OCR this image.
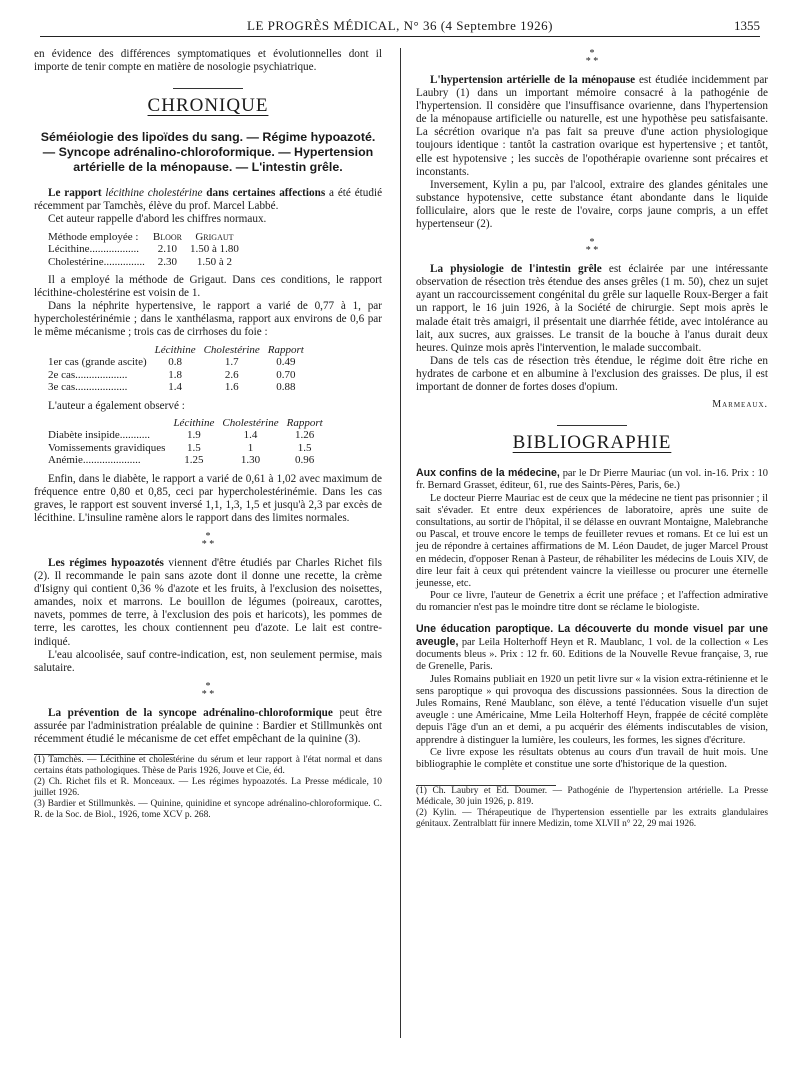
LE PROGRÈS MÉDICAL, N° 36 (4 Septembre 1926)	1355

en évidence des différences symptomatiques et évolutionnelles dont il importe de tenir compte en matière de nosologie psychiatrique.

CHRONIQUE
Séméiologie des lipoïdes du sang. — Régime hypoazoté. — Syncope adrénalino-chloroformique. — Hypertension artérielle de la ménopause. — L'intestin grêle.

Le rapport lécithine cholestérine dans certaines affections a été étudié récemment par Tamchès, élève du prof. Marcel Labbé.

Cet auteur rappelle d'abord les chiffres normaux.

Méthode employée :	Bloor	Grigaut
Lécithine..................	2.10	1.50 à 1.80
Cholestérine...............	2.30	1.50 à 2

Il a employé la méthode de Grigaut. Dans ces conditions, le rapport lécithine-cholestérine est voisin de 1.

Dans la néphrite hypertensive, le rapport a varié de 0,77 à 1, par hypercholestérinémie ; dans le xanthélasma, rapport aux environs de 0,6 par le même mécanisme ; trois cas de cirrhoses du foie :

	Lécithine	Cholestérine	Rapport
1er cas (grande ascite)	0.8	1.7	0.49
2e cas...................	1.8	2.6	0.70
3e cas...................	1.4	1.6	0.88

L'auteur a également observé :

	Lécithine	Cholestérine	Rapport
Diabète insipide...........	1.9	1.4	1.26
Vomissements gravidiques	1.5	1	1.5
Anémie.....................	1.25	1.30	0.96

Enfin, dans le diabète, le rapport a varié de 0,61 à 1,02 avec maximum de fréquence entre 0,80 et 0,85, ceci par hypercholestérinémie. Dans les cas graves, le rapport est souvent inversé 1,1, 1,3, 1,5 et jusqu'à 2,3 par excès de lécithine. L'insuline ramène alors le rapport dans des limites normales.

*
* *

Les régimes hypoazotés viennent d'être étudiés par Charles Richet fils (2). Il recommande le pain sans azote dont il donne une recette, la crème d'Isigny qui contient 0,36 % d'azote et les fruits, à l'exclusion des noisettes, amandes, noix et marrons. Le bouillon de légumes (poireaux, carottes, navets, pommes de terre, à l'exclusion des pois et haricots), les pommes de terre, les carottes, les choux contiennent peu d'azote. Le lait est contre-indiqué.

L'eau alcoolisée, sauf contre-indication, est, non seulement permise, mais salutaire.

*
* *

La prévention de la syncope adrénalino-chloroformique peut être assurée par l'administration préalable de quinine : Bardier et Stillmunkès ont récemment étudié le mécanisme de cet effet empêchant de la quinine (3).

(1) Tamchès. — Lécithine et cholestérine du sérum et leur rapport à l'état normal et dans certains états pathologiques. Thèse de Paris 1926, Jouve et Cie, éd.

(2) Ch. Richet fils et R. Monceaux. — Les régimes hypoazotés. La Presse médicale, 10 juillet 1926.

(3) Bardier et Stillmunkès. — Quinine, quinidine et syncope adrénalino-chloroformique. C. R. de la Soc. de Biol., 1926, tome XCV p. 268.

*
* *

L'hypertension artérielle de la ménopause est étudiée incidemment par Laubry (1) dans un important mémoire consacré à la pathogénie de l'hypertension. Il considère que l'insuffisance ovarienne, dans l'hypertension de la ménopause artificielle ou naturelle, est une hypothèse peu satisfaisante. La sécrétion ovarique n'a pas fait sa preuve d'une action physiologique toujours identique : tantôt la castration ovarique est hypertensive ; et tantôt, elle est hypotensive ; les succès de l'opothérapie ovarienne sont précaires et inconstants.

Inversement, Kylin a pu, par l'alcool, extraire des glandes génitales une substance hypotensive, cette substance étant abondante dans le liquide folliculaire, alors que le reste de l'ovaire, corps jaune compris, a un effet hypertenseur (2).

*
* *

La physiologie de l'intestin grêle est éclairée par une intéressante observation de résection très étendue des anses grêles (1 m. 50), chez un sujet ayant un raccourcissement congénital du grêle sur laquelle Roux-Berger a fait un rapport, le 16 juin 1926, à la Société de chirurgie. Sept mois après le malade était très amaigri, il présentait une diarrhée fétide, avec intolérance au lait, aux sucres, aux graisses. Le transit de la bouche à l'anus durait deux heures. Quinze mois après l'intervention, le malade succombait.

Dans de tels cas de résection très étendue, le régime doit être riche en hydrates de carbone et en albumine à l'exclusion des graisses. De plus, il est important de donner de fortes doses d'opium.

Marmeaux.
BIBLIOGRAPHIE

Aux confins de la médecine, par le Dr Pierre Mauriac (un vol. in-16. Prix : 10 fr. Bernard Grasset, éditeur, 61, rue des Saints-Pères, Paris, 6e.)

Le docteur Pierre Mauriac est de ceux que la médecine ne tient pas prisonnier ; il sait s'évader. Et entre deux expériences de laboratoire, après une suite de consultations, au sortir de l'hôpital, il se délasse en ouvrant Montaigne, Malebranche ou Pascal, et trouve encore le temps de feuilleter revues et romans. Et ce lui est un jeu de répondre à certaines affirmations de M. Léon Daudet, de juger Marcel Proust en médecin, d'opposer Renan à Pasteur, de réhabiliter les médecins de Louis XIV, de dire leur fait à ceux qui prétendent vaincre la vieillesse ou procurer une éternelle jeunesse, etc.

Pour ce livre, l'auteur de Genetrix a écrit une préface ; et l'affection admirative du romancier n'est pas le moindre titre dont se réclame le biologiste.

Une éducation paroptique. La découverte du monde visuel par une aveugle, par Leila Holterhoff Heyn et R. Maublanc, 1 vol. de la collection « Les documents bleus ». Prix : 12 fr. 60. Editions de la Nouvelle Revue française, 3, rue de Grenelle, Paris.

Jules Romains publiait en 1920 un petit livre sur « la vision extra-rétinienne et le sens paroptique » qui provoqua des discussions passionnées. Sous la direction de Jules Romains, René Maublanc, son élève, a tenté l'éducation visuelle d'un sujet aveugle : une Américaine, Mme Leila Holterhoff Heyn, frappée de cécité complète depuis l'âge d'un an et demi, a pu acquérir des éléments indiscutables de vision, apprendre à distinguer la lumière, les couleurs, les formes, les signes d'écriture.

Ce livre expose les résultats obtenus au cours d'un travail de huit mois. Une bibliographie le complète et constitue une sorte d'historique de la question.

(1) Ch. Laubry et Ed. Doumer. — Pathogénie de l'hypertension artérielle. La Presse Médicale, 30 juin 1926, p. 819.

(2) Kylin. — Thérapeutique de l'hypertension essentielle par les extraits glandulaires génitaux. Zentralblatt für innere Medizin, tome XLVII n° 22, 29 mai 1926.
